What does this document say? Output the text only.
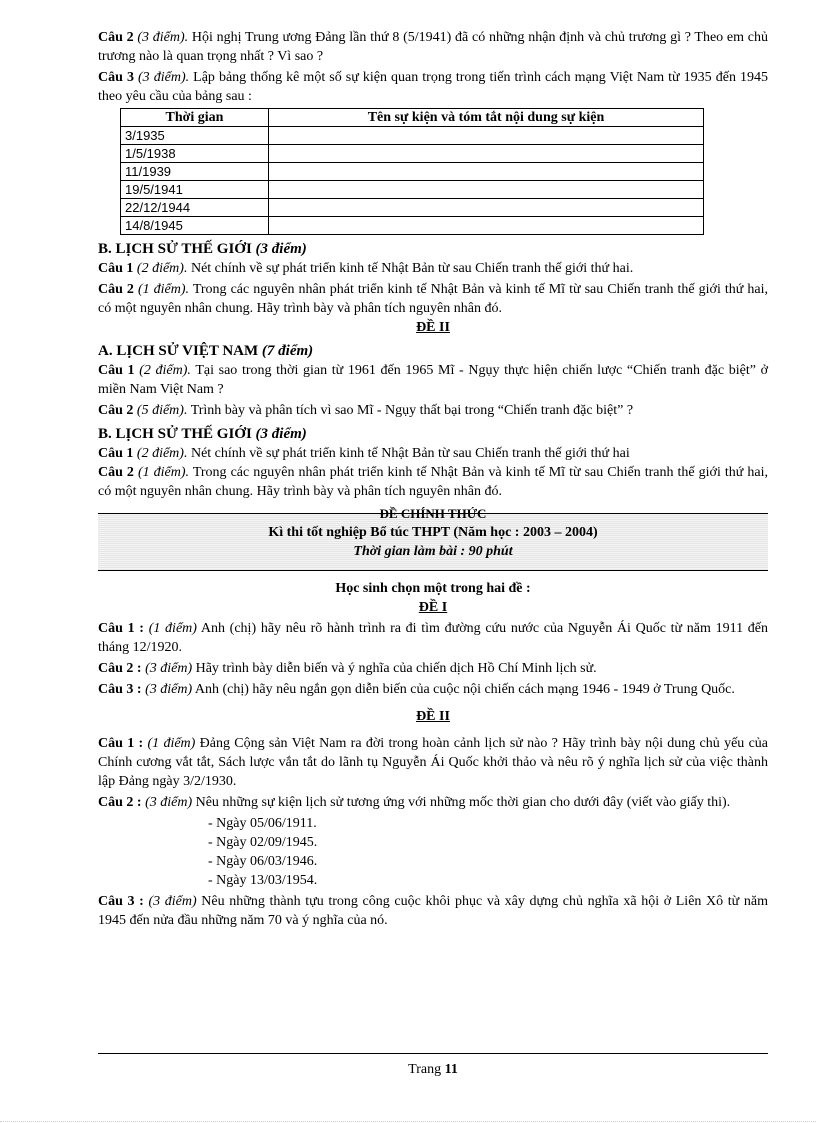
Câu 2 (3 điểm). Hội nghị Trung ương Đảng lần thứ 8 (5/1941) đã có những nhận định và chủ trương gì ? Theo em chủ trương nào là quan trọng nhất ? Vì sao ?

Câu 3 (3 điểm). Lập bảng thống kê một số sự kiện quan trọng trong tiến trình cách mạng Việt Nam từ 1935 đến 1945 theo yêu cầu của bảng sau :

Thời gian	Tên sự kiện và tóm tắt nội dung sự kiện
3/1935	
1/5/1938	
11/1939	
19/5/1941	
22/12/1944	
14/8/1945	

B. LỊCH SỬ THẾ GIỚI (3 điểm)

Câu 1 (2 điểm). Nét chính về sự phát triển kinh tế Nhật Bản từ sau Chiến tranh thế giới thứ hai.

Câu 2 (1 điểm). Trong các nguyên nhân phát triển kinh tế Nhật Bản và kinh tế Mĩ từ sau Chiến tranh thế giới thứ hai, có một nguyên nhân chung. Hãy trình bày và phân tích nguyên nhân đó.

ĐỀ II

A. LỊCH SỬ VIỆT NAM (7 điểm)

Câu 1 (2 điểm). Tại sao trong thời gian từ 1961 đến 1965 Mĩ - Ngụy thực hiện chiến lược “Chiến tranh đặc biệt” ở miền Nam Việt Nam ?

Câu 2 (5 điểm). Trình bày và phân tích vì sao Mĩ - Ngụy thất bại trong “Chiến tranh đặc biệt” ?

B. LỊCH SỬ THẾ GIỚI (3 điểm)

Câu 1 (2 điểm). Nét chính về sự phát triển kinh tế Nhật Bản từ sau Chiến tranh thế giới thứ hai

Câu 2 (1 điểm). Trong các nguyên nhân phát triển kinh tế Nhật Bản và kinh tế Mĩ từ sau Chiến tranh thế giới thứ hai, có một nguyên nhân chung. Hãy trình bày và phân tích nguyên nhân đó.

ĐỀ CHÍNH THỨC
Kì thi tốt nghiệp Bổ túc THPT (Năm học : 2003 – 2004)
Thời gian làm bài : 90 phút

Học sinh chọn một trong hai đề :

ĐỀ I

Câu 1 : (1 điểm) Anh (chị) hãy nêu rõ hành trình ra đi tìm đường cứu nước của Nguyễn Ái Quốc từ năm 1911 đến tháng 12/1920.

Câu 2 : (3 điểm) Hãy trình bày diễn biến và ý nghĩa của chiến dịch Hồ Chí Minh lịch sử.

Câu 3 : (3 điểm) Anh (chị) hãy nêu ngắn gọn diễn biến của cuộc nội chiến cách mạng 1946 - 1949 ở Trung Quốc.

ĐỀ II

Câu 1 : (1 điểm) Đảng Cộng sản Việt Nam ra đời trong hoàn cảnh lịch sử nào ? Hãy trình bày nội dung chủ yếu của Chính cương vắt tắt, Sách lược vắn tắt do lãnh tụ Nguyễn Ái Quốc khởi thảo và nêu rõ ý nghĩa lịch sử của việc thành lập Đảng ngày 3/2/1930.

Câu 2 : (3 điểm) Nêu những sự kiện lịch sử tương ứng với những mốc thời gian cho dưới đây (viết vào giấy thi).

- Ngày 05/06/1911.

- Ngày 02/09/1945.

- Ngày 06/03/1946.

- Ngày 13/03/1954.

Câu 3 : (3 điểm) Nêu những thành tựu trong công cuộc khôi phục và xây dựng chủ nghĩa xã hội ở Liên Xô từ năm 1945 đến nửa đầu những năm 70 và ý nghĩa của nó.

Trang 11
